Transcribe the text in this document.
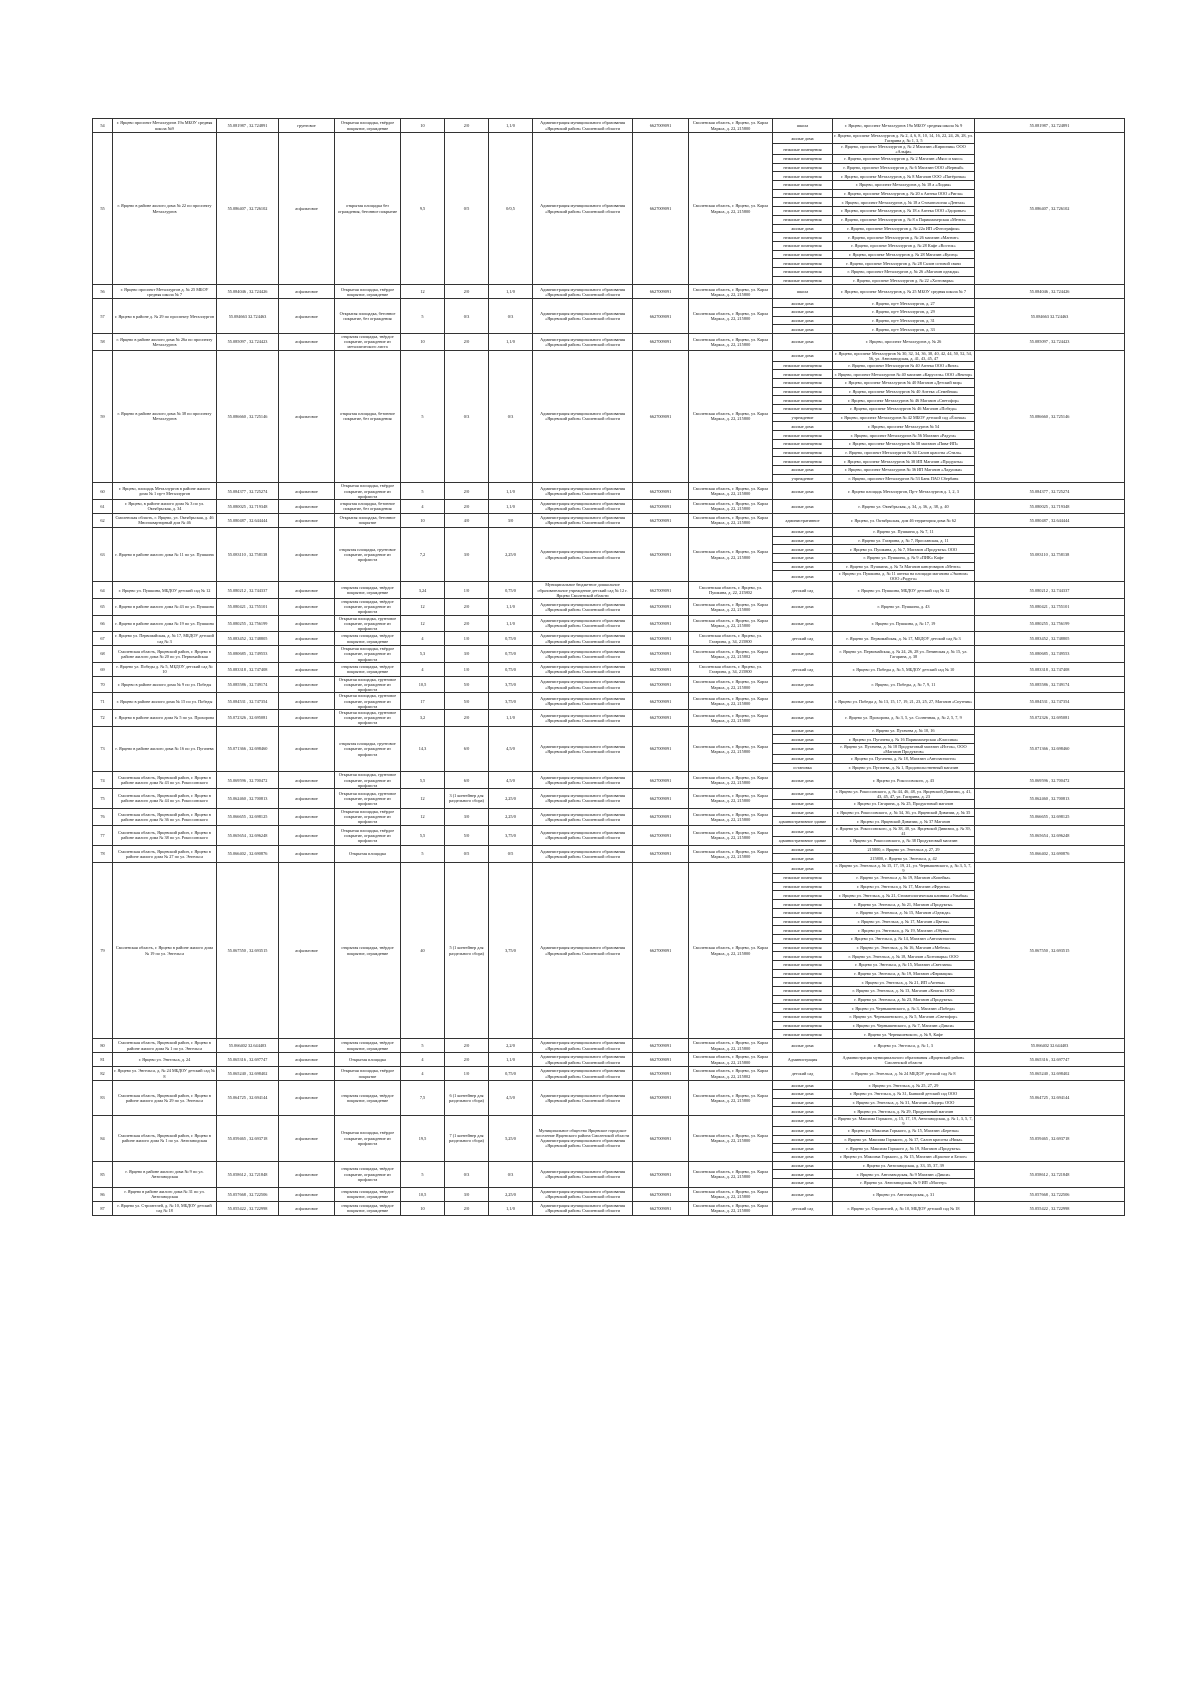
54	г. Ярцево проспект Металлургов 19а МБОУ средняя школа №9	55.081987 , 32.724891	грунтовое	Открытая площадка, твёрдое покрытие, ограждение	10	2/0	1,1/0	Администрация муниципального образования «Ярцевский район» Смоленской области	6627009091	Смоленская область, г. Ярцево, ул. Карла Маркса, д. 22, 215800	школа	г. Ярцево, проспект Металлургов 19а МБОУ средняя школа № 9	55.081987 , 32.724891
55	г. Ярцево в районе жилого дома № 22 по проспекту Металлургов	55.086407 , 32.726102	асфальтовое	открытая площадка без ограждения, бетонное покрытие	9,5	0/5	0/0,5	Администрация муниципального образования «Ярцевский район» Смоленской области	6627009091	Смоленская область, г. Ярцево, ул. Карла Маркса, д. 22, 215800	жилые дома	г. Ярцево, проспект Металлургов д. № 2, 4, 6, 8, 10, 14, 16, 22, 24, 26, 28, ул. Гагарина д. № 1, 3, 5	55.086407 , 32.726102
											нежилые помещения	г. Ярцево, проспект Металлургов д. № 2 Магазин «Кирпичик» ООО «Альфа»	
											нежилые помещения	г. Ярцево, проспект Металлургов д. № 2 Магазин «Мясо и мясо»	
											нежилые помещения	г. Ярцево, проспект Металлургов д. № 6 Магазин ООО «Верный»	
											нежилые помещения	г. Ярцево, проспект Металлургов д. № 8 Магазин ООО «Пятёрочка»	
											нежилые помещения	г. Ярцево, проспект Металлургов д. № 18 а «Лидия»	
											нежилые помещения	г. Ярцево, проспект Металлургов д. № 20 а Аптека ООО «Ригла»	
											нежилые помещения	г. Ярцево, проспект Металлургов д. № 18 а Стоматология «Дентал»	
											нежилые помещения	г. Ярцево, проспект Металлургов д. № 18 а Аптека ООО «Здоровье»	
											нежилые помещения	г. Ярцево, проспект Металлургов д. № 8 а Парикмахерская «Мечта»	
											жилые дома	г. Ярцево, проспект Металлургов д. № 22а ИП «Фотография»	
											нежилые помещения	г. Ярцево, проспект Металлургов д. № 26 магазин «Магнит»	
											нежилые помещения	г. Ярцево, проспект Металлургов д. № 28 Кафе «Восток»	
											нежилые помещения	г. Ярцево, проспект Металлургов д. № 28 Магазин «Купец»	
											нежилые помещения	г. Ярцево, проспект Металлургов д. № 28 Салон сотовой связи	
											нежилые помещения	г. Ярцево, проспект Металлургов д. № 26 «Магазин одежды»	
											нежилые помещения	г. Ярцево, проспект Металлургов д. № 22 «Хозтовары»	
56	г. Ярцево проспект Металлургов д. № 25 МБОУ средняя школа № 7	55.084046 , 32.724426	асфальтовое	Открытая площадка, твёрдое покрытие, ограждение	12	2/0	1,1/0	Администрация муниципального образования «Ярцевский район» Смоленской области	6627009091	Смоленская область, г. Ярцево, ул. Карла Маркса, д. 22, 215800	школа	г. Ярцево, проспект Металлургов д. № 25 МБОУ средняя школа № 7	55.084046 , 32.724426
57	г. Ярцево в районе д. № 29 по проспекту Металлургов	55.084663 32.724463	асфальтовое	Открытая площадка, бетонное покрытие, без ограждения	5	0/3	0/3	Администрация муниципального образования «Ярцевский район» Смоленской области	6627009091	Смоленская область, г. Ярцево, ул. Карла Маркса, д. 22, 215800	жилые дома	г. Ярцево, пр-т Металлургов, д. 27	55.084663 32.724463
											жилые дома	г. Ярцево, пр-т Металлургов, д. 29	
											жилые дома	г. Ярцево, пр-т Металлургов, д. 31	
											жилые дома	г. Ярцево, пр-т Металлургов, д. 33	
58	г. Ярцево в районе жилого дома № 26а по проспекту Металлургов	55.085097 , 32.724423	асфальтовое	открытая площадка, твёрдое покрытие, ограждение из металлического листа	10	2/0	1,1/0	Администрация муниципального образования «Ярцевский район» Смоленской области	6627009091	Смоленская область, г. Ярцево, ул. Карла Маркса, д. 22, 215800	жилые дома	г. Ярцево, проспект Металлургов д. № 26	55.085097 , 32.724423
59	г. Ярцево в районе жилого дома № 38 по проспекту Металлургов	55.086660 , 32.725146	асфальтовое	открытая площадка, бетонное покрытие, без ограждения	5	0/3	0/3	Администрация муниципального образования «Ярцевский район» Смоленской области	6627009091	Смоленская область, г. Ярцево, ул. Карла Маркса, д. 22, 215800	жилые дома	г. Ярцево, проспект Металлургов № 30, 32, 34, 36, 38, 40, 42, 44, 50, 52, 54, 56, ул. Автозаводская, д. 41, 43, 45, 47	55.086660 , 32.725146
											нежилые помещения	г. Ярцево, проспект Металлургов № 40 Аптека ООО «Вита»	
											нежилые помещения	г. Ярцево, проспект Металлургов № 40 магазин «Карусель» ООО «Вектор»	
											нежилые помещения	г. Ярцево, проспект Металлургов № 40 Магазин «Детский мир»	
											нежилые помещения	г. Ярцево, проспект Металлургов № 40 Аптека «Семейная»	
											нежилые помещения	г. Ярцево, проспект Металлургов № 46 Магазин «Светофор»	
											нежилые помещения	г. Ярцево, проспект Металлургов № 46 Магазин «Победа»	
											учреждение	г. Ярцево, проспект Металлургов № 42 МБОУ детский сад «Ёлочка»	
											жилые дома	г. Ярцево, проспект Металлургов № 54	
											нежилые помещения	г. Ярцево, проспект Металлургов № 56 Магазин «Радуга»	
											нежилые помещения	г. Ярцево, проспект Металлургов № 58 магазин «Пива-ИП»	
											нежилые помещения	г. Ярцево, проспект Металлургов № 34 Салон красоты «Стиль»	
											нежилые помещения	г. Ярцево, проспект Металлургов № 38 ИП Магазин «Продукты»	
											жилые дома	г. Ярцево, проспект Металлургов № 36 ИП Магазин «Ладушки»	
											учреждение	г. Ярцево, проспект Металлургов № 53 Банк ПАО Сбербанк	
60	г. Ярцево, площадь Металлургов в районе жилого дома № 1 пр-т Металлургов	55.084377 , 32.725274	асфальтовое	Открытая площадка, твёрдое покрытие, ограждение из профлиста	5	2/0	1,1/0	Администрация муниципального образования «Ярцевский район» Смоленской области	6627009091	Смоленская область, г. Ярцево, ул. Карла Маркса, д. 22, 215800	жилые дома	г. Ярцево площадь Металлургов, Пр-т Металлургов д. 1, 2, 3	55.084377 , 32.725274
61	г. Ярцево, в районе жилого дома № 3 по ул. Октябрьская, д. 34	55.080025 , 32.719348	асфальтовое	открытая площадка, бетонное покрытие, без ограждения	4	2/0	1,1/0	Администрация муниципального образования «Ярцевский район» Смоленской области	6627009091	Смоленская область, г. Ярцево, ул. Карла Маркса, д. 22, 215800	жилые дома	г. Ярцево ул. Октябрьская, д. 34, д. 36, д. 38, д. 40	55.080025 , 32.719348
62	Смоленская область, г. Ярцево, ул. Октябрьская, д. 46 Многоквартирный дом № 46	55.080487 , 32.644444	асфальтовое	Открытая площадка, бетонное покрытие	10	4/0	3/0	Администрация муниципального образования «Ярцевский район» Смоленской области	6627009091	Смоленская область, г. Ярцево, ул. Карла Маркса, д. 22, 215800	административное	г. Ярцево, ул. Октябрьская, дом 46 территория дома № 62	55.080487 , 32.644444
63	г. Ярцево в районе жилого дома № 11 по ул. Пушкина	55.083110 , 32.758138	асфальтовое	открытая площадка, грунтовое покрытие, ограждение из профлиста	7,2	3/0	2,25/0	Администрация муниципального образования «Ярцевский район» Смоленской области	6627009091	Смоленская область, г. Ярцево, ул. Карла Маркса, д. 22, 215800	жилые дома	г. Ярцево ул. Пушкина д. № 7, 11	55.083110 , 32.758138
											жилые дома	г. Ярцево ул. Гагарина, д. № 7, Ярославская, д. 11	
											жилые дома	г. Ярцево ул. Пушкина, д. № 7, Магазин «Продукты» ООО	
											жилые дома	г. Ярцево ул. Пушкина, д. № 9 «ПИК» Кафе	
											жилые дома	г. Ярцево ул. Пушкина, д. № 7а Магазин канцтоваров «Мечта»	
											жилые дома	г. Ярцево ул. Пушкина, д. № 11 аптека на площади магазина «Эконом» ООО «Радуга»	
64	г. Ярцево ул. Пушкина, МБДОУ детский сад № 12	55.080212 , 32.744337	асфальтовое	открытая площадка, твёрдое покрытие, ограждение	3,24	1/0	0,75/0	Муниципальное бюджетное дошкольное образовательное учреждение детский сад № 12 г. Ярцево Смоленской области	6627009091	Смоленская область, г. Ярцево, ул. Пушкина, д. 22, 215802	детский сад	г. Ярцево ул. Пушкина, МБДОУ детский сад № 12	55.080212 , 32.744337
65	г. Ярцево в районе жилого дома № 43 по ул. Пушкина	55.080421 , 32.755101	асфальтовое	открытая площадка, твёрдое покрытие, ограждение из профлиста	12	2/0	1,1/0	Администрация муниципального образования «Ярцевский район» Смоленской области	6627009091	Смоленская область, г. Ярцево, ул. Карла Маркса, д. 22, 215800	жилые дома	г. Ярцево ул. Пушкина, д. 43	55.080421 , 32.755101
66	г. Ярцево в районе жилого дома № 19 по ул. Пушкина	55.080255 , 32.756199	асфальтовое	Открытая площадка, грунтовое покрытие, ограждение из профлиста	12	2/0	1,1/0	Администрация муниципального образования «Ярцевский район» Смоленской области	6627009091	Смоленская область, г. Ярцево, ул. Карла Маркса, д. 22, 215800	жилые дома	г. Ярцево ул. Пушкина, д. № 17, 19	55.080255 , 32.756199
67	г. Ярцево ул. Первомайская, д. № 17, МБДОУ детский сад № 3	55.083452 , 32.748805	асфальтовое	открытая площадка, твёрдое покрытие, ограждение	4	1/0	0,75/0	Администрация муниципального образования «Ярцевский район» Смоленской области	6627009091	Смоленская область, г. Ярцево, ул. Гагарина, д. 34, 215800	детский сад	г. Ярцево ул. Первомайская, д. № 17, МБДОУ детский сад № 3	55.083452 , 32.748805
68	Смоленская область, Ярцевский район, г. Ярцево в районе жилого дома № 20 по ул. Первомайская	55.080685 , 32.749553	асфальтовое	Открытая площадка, твёрдое покрытие, ограждение из профлиста	5,3	3/0	0,75/0	Администрация муниципального образования «Ярцевский район» Смоленской области	6627009091	Смоленская область, г. Ярцево, ул. Карла Маркса, д. 22, 215802	жилые дома	г. Ярцево ул. Первомайская, д. № 24, 26, 28 ул. Ленинская д. № 15, ул. Гагарина, д. 38	55.080685 , 32.749553
69	г. Ярцево ул. Победы д. № 5, МБДОУ детский сад № 10	55.083318 , 32.747408	асфальтовое	открытая площадка, твёрдое покрытие, ограждение	4	1/0	0,75/0	Администрация муниципального образования «Ярцевский район» Смоленской области	6627009091	Смоленская область, г. Ярцево, ул. Гагарина, д. 34, 215800	детский сад	г. Ярцево ул. Победы д. № 5, МБДОУ детский сад № 10	55.083318 , 32.747408
70	г. Ярцево в районе жилого дома № 9 по ул. Победы	55.085586 , 32.749174	асфальтовое	Открытая площадка, грунтовое покрытие, ограждение из профлиста	10,5	5/0	3,75/0	Администрация муниципального образования «Ярцевский район» Смоленской области	6627009091	Смоленская область, г. Ярцево, ул. Карла Маркса, д. 22, 215800	жилые дома	г. Ярцево, ул. Победы, д. № 7, 9, 11	55.085586 , 32.749174
71	г. Ярцево в районе жилого дома № 15 по ул. Победы	55.084531 , 32.747354	асфальтовое	Открытая площадка, грунтовое покрытие, ограждение из профлиста	17	5/0	3,75/0	Администрация муниципального образования «Ярцевский район» Смоленской области	6627009091	Смоленская область, г. Ярцево, ул. Карла Маркса, д. 22, 215800	жилые дома	г. Ярцево ул. Победы д. № 13, 15, 17, 19, 21, 23, 25, 27, Магазин «Спутник»	55.084531 , 32.747354
72	г. Ярцево в районе жилого дома № 5 по ул. Прохорова	55.072326 , 32.695081	асфальтовое	Открытая площадка, грунтовое покрытие, ограждение из профлиста	3,2	2/0	1,1/0	Администрация муниципального образования «Ярцевский район» Смоленской области	6627009091	Смоленская область, г. Ярцево, ул. Карла Маркса, д. 22, 215800	жилые дома	г. Ярцево ул. Прохорова, д. № 3, 5, ул. Солнечная, д. № 2, 5, 7, 9	55.072326 , 32.695081
73	г. Ярцево в районе жилого дома № 16 по ул. Пугачева	55.071366 , 32.698460	асфальтовое	открытая площадка, грунтовое покрытие, ограждение из профлиста	14,3	6/0	4,5/0	Администрация муниципального образования «Ярцевский район» Смоленской области	6627009091	Смоленская область, г. Ярцево, ул. Карла Маркса, д. 22, 215800	жилые дома	г. Ярцево ул. Пугачева д. № 10, 16	55.071366 , 32.698460
											жилые дома	г. Ярцево ул. Пугачева д. № 16 Парикмахерская «Классика»	
											жилые дома	г. Ярцево ул. Пугачева, д. № 18 Продуктовый магазин «Исток», ООО «Магазин Продуктов»	
											жилые дома	г. Ярцево ул. Пугачева, д. № 18, Магазин «Автозапчасти»	
											остановка	г. Ярцево ул. Пугачева, д. № 1, Продовольственный магазин	
74	Смоленская область, Ярцевский район, г. Ярцево в районе жилого дома № 43 по ул. Рокоссовского	55.069596 , 32.700472	асфальтовое	Открытая площадка, грунтовое покрытие, ограждение из профлиста	5,5	6/0	4,5/0	Администрация муниципального образования «Ярцевский район» Смоленской области	6627009091	Смоленская область, г. Ярцево, ул. Карла Маркса, д. 22, 215800	жилые дома	г. Ярцево ул. Рокоссовского, д. 43	55.069596 , 32.700472
75	Смоленская область, Ярцевский район, г. Ярцево в районе жилого дома № 44 по ул. Рокоссовского	55.062460 , 32.700813	асфальтовое	Открытая площадка, грунтовое покрытие, ограждение из профлиста	12	3 (1 контейнер для раздельного сбора)	2,25/0	Администрация муниципального образования «Ярцевский район» Смоленской области	6627009091	Смоленская область, г. Ярцево, ул. Карла Маркса, д. 22, 215800	жилые дома	г. Ярцево ул. Рокоссовского, д. № 44, 46, 48, ул. Ярцевской Дивизии, д. 41, 43, 45, 47, ул. Гагарина, д. 23	55.062460 , 32.700813
											жилые дома	г. Ярцево ул. Гагарина, д. № 25, Продуктовый магазин	
76	Смоленская область, Ярцевский район, г. Ярцево в районе жилого дома № 36 по ул. Рокоссовского	55.066655 , 32.698125	асфальтовое	Открытая площадка, твёрдое покрытие, ограждение из профлиста	12	3/0	2,25/0	Администрация муниципального образования «Ярцевский район» Смоленской области	6627009091	Смоленская область, г. Ярцево, ул. Карла Маркса, д. 22, 215800	жилые дома	г. Ярцево ул. Рокоссовского, д. № 34, 36, ул. Ярцевской Дивизии, д. № 35	55.066655 , 32.698125
											административное здание	г. Ярцево ул. Ярцевской Дивизии, д. № 37 Магазин	
77	Смоленская область, Ярцевский район, г. Ярцево в районе жилого дома № 38 по ул. Рокоссовского	55.065654 , 32.696248	асфальтовое	Открытая площадка, твёрдое покрытие, ограждение из профлиста	5,5	5/0	3,75/0	Администрация муниципального образования «Ярцевский район» Смоленской области	6627009091	Смоленская область, г. Ярцево, ул. Карла Маркса, д. 22, 215800	жилые дома	г. Ярцево ул. Рокоссовского, д. № 38, 40, ул. Ярцевской Дивизии, д. № 39, 41	55.065654 , 32.696248
											административное здание	г. Ярцево ул. Рокоссовского, д. № 38 Продуктовый магазин	
78	Смоленская область, Ярцевский район, г. Ярцево в районе жилого дома № 27 по ул. Энгельса	55.066402 , 32.690876	асфальтовое	Открытая площадка	5	0/5	0/5	Администрация муниципального образования «Ярцевский район» Смоленской области	6627009091	Смоленская область, г. Ярцево, ул. Карла Маркса, д. 22, 215800	жилые дома	215800, г. Ярцево ул. Энгельса д. 27, 29	55.066402 , 32.690876
											жилые дома	215800, г. Ярцево ул. Энгельса, д. 42	
79	Смоленская область, г. Ярцево в районе жилого дома № 19 по ул. Энгельса	55.067550 , 32.693515	асфальтовое	открытая площадка, твёрдое покрытие, ограждение	40	5 (1 контейнер для раздельного сбора)	3,75/0	Администрация муниципального образования «Ярцевский район» Смоленской области	6627009091	Смоленская область, г. Ярцево, ул. Карла Маркса, д. 22, 215800	жилые дома	г. Ярцево ул. Энгельса д. № 15, 17, 19, 21, ул. Чернышевского, д. № 3, 5, 7, 9	55.067550 , 32.693515
											нежилые помещения	г. Ярцево ул. Энгельса д. № 19, Магазин «Копейка»	
											нежилые помещения	г. Ярцево ул. Энгельса д. № 17, Магазин «Фрукты»	
											нежилые помещения	г. Ярцево ул. Энгельса, д. № 21, Стоматологическая клиника «Улыбка»	
											нежилые помещения	г. Ярцево ул. Энгельса, д. № 21, Магазин «Продукты»	
											нежилые помещения	г. Ярцево ул. Энгельса, д. № 15, Магазин «Одежда»	
											нежилые помещения	г. Ярцево ул. Энгельса, д. № 17, Магазин «Цветы»	
											нежилые помещения	г. Ярцево ул. Энгельса, д. № 19, Магазин «Обувь»	
											нежилые помещения	г. Ярцево ул. Энгельса, д. № 14, Магазин «Автозапчасти»	
											нежилые помещения	г. Ярцево ул. Энгельса, д. № 16, Магазин «Мебель»	
											нежилые помещения	г. Ярцево ул. Энгельса, д. № 18, Магазин «Хозтовары» ООО	
											нежилые помещения	г. Ярцево ул. Энгельса, д. № 15, Магазин «Светлана»	
											нежилые помещения	г. Ярцево ул. Энгельса, д. № 19, Магазин «Фармация»	
											нежилые помещения	г. Ярцево ул. Энгельса, д. № 21, ИП «Аптека»	
											нежилые помещения	г. Ярцево ул. Энгельса, д. № 13, Магазин «Книги» ООО	
											нежилые помещения	г. Ярцево ул. Энгельса, д. № 23, Магазин «Продукты»	
											нежилые помещения	г. Ярцево ул. Чернышевского, д. № 3, Магазин «Победа»	
											нежилые помещения	г. Ярцево ул. Чернышевского, д. № 5, Магазин «Светофор»	
											нежилые помещения	г. Ярцево ул. Чернышевского, д. № 7, Магазин «Дикси»	
											нежилые помещения	г. Ярцево ул. Чернышевского, д. № 9, Кафе	
80	Смоленская область, Ярцевский район, г. Ярцево в районе жилого дома № 1 по ул. Энгельса	55.066402 32.644403	асфальтовое	открытая площадка, твёрдое покрытие, ограждение	5	2/0	2,2/0	Администрация муниципального образования «Ярцевский район» Смоленской области	6627009091	Смоленская область, г. Ярцево, ул. Карла Маркса, д. 22, 215800	жилые дома	г. Ярцево ул. Энгельса, д. № 1, 3	55.066402 32.644403
81	г. Ярцево ул. Энгельса, д. 24	55.065316 , 32.697747	асфальтовое	Открытая площадка	4	2/0	1,1/0	Администрация муниципального образования «Ярцевский район» Смоленской области	6627009091	Смоленская область, г. Ярцево, ул. Карла Маркса, д. 22, 215800	Администрация	Администрация муниципального образования «Ярцевский район» Смоленской области	55.065316 , 32.697747
82	г. Ярцево ул. Энгельса, д. № 24 МБДОУ детский сад № 8	55.065240 , 32.698402	асфальтовое	Открытая площадка, твёрдое покрытие	4	1/0	0,75/0	Администрация муниципального образования «Ярцевский район» Смоленской области	6627009091	Смоленская область, г. Ярцево, ул. Карла Маркса, д. 22, 215802	детский сад	г. Ярцево ул. Энгельса, д. № 24 МБДОУ детский сад № 8	55.065240 , 32.698402
83	Смоленская область, Ярцевский район, г. Ярцево в районе жилого дома № 29 по ул. Энгельса	55.064725 , 32.694144	асфальтовое	открытая площадка, твёрдое покрытие, ограждение	7,5	6 (1 контейнер для раздельного сбора)	4,5/0	Администрация муниципального образования «Ярцевский район» Смоленской области	6627009091	Смоленская область, г. Ярцево, ул. Карла Маркса, д. 22, 215800	жилые дома	г. Ярцево ул. Энгельса, д. № 25, 27, 29	55.064725 , 32.694144
											жилые дома	г. Ярцево ул. Энгельса, д. № 31, Бывший детский сад ООО	
											жилые дома	г. Ярцево ул. Энгельса, д. № 31, Магазин «Лидер» ООО	
											жилые дома	г. Ярцево ул. Энгельса, д. № 29, Продуктовый магазин	
84	Смоленская область, Ярцевский район, г. Ярцево в районе жилого дома № 1 по ул. Автозаводская	55.059465 , 32.693718	асфальтовое	Открытая площадка, твёрдое покрытие, ограждение из профлиста	19,5	7 (1 контейнер для раздельного сбора)	5,25/0	Муниципальное общество Ярцевское городское поселение Ярцевского района Смоленской области Администрация муниципального образования «Ярцевский район» Смоленской области	6627009091	Смоленская область, г. Ярцево, ул. Карла Маркса, д. 22, 215800	жилые дома	г. Ярцево ул. Максима Горького, д. 15, 17, 19, Автозаводская, д. № 1, 3, 5, 7, 9	55.059465 , 32.693718
											жилые дома	г. Ярцево ул. Максима Горького, д. № 15, Магазин «Березка»	
											жилые дома	г. Ярцево ул. Максима Горького, д. № 17, Салон красоты «Ника»	
											жилые дома	г. Ярцево ул. Максима Горького д. № 19, Магазин «Продукты»	
											жилые дома	г. Ярцево ул. Максима Горького, д. № 15, Магазин «Красное и Белое»	
85	г. Ярцево в районе жилого дома № 9 по ул. Автозаводская	55.058612 , 32.721848	асфальтовое	открытая площадка, твёрдое покрытие, ограждение из профлиста	5	0/3	0/3	Администрация муниципального образования «Ярцевский район» Смоленской области	6627009091	Смоленская область, г. Ярцево, ул. Карла Маркса, д. 22, 215800	жилые дома	г. Ярцево ул. Автозаводская, д. 33, 35, 37, 39	55.058612 , 32.721848
											жилые дома	г. Ярцево ул. Автозаводская, № 9 Магазин «Дикси»	
											жилые дома	г. Ярцево ул. Автозаводская, № 9 ИП «Мастер»	
86	г. Ярцево в районе жилого дома № 31 по ул. Автозаводская	55.057668 , 32.722506	асфальтовое	открытая площадка, твёрдое покрытие, ограждение	10,5	3/0	2,25/0	Администрация муниципального образования «Ярцевский район» Смоленской области	6627009091	Смоленская область, г. Ярцево, ул. Карла Маркса, д. 22, 215800	жилые дома	г. Ярцево ул. Автозаводская, д. 31	55.057668 , 32.722506
87	г. Ярцево ул. Строителей, д. № 10, МБДОУ детский сад № 18	55.055422 , 32.722998	асфальтовое	открытая площадка, твёрдое покрытие, ограждение	10	2/0	1,1/0	Администрация муниципального образования «Ярцевский район» Смоленской области	6627009091	Смоленская область, г. Ярцево, ул. Карла Маркса, д. 22, 215800	детский сад	г. Ярцево ул. Строителей, д. № 10, МБДОУ детский сад № 18	55.055422 , 32.722998
